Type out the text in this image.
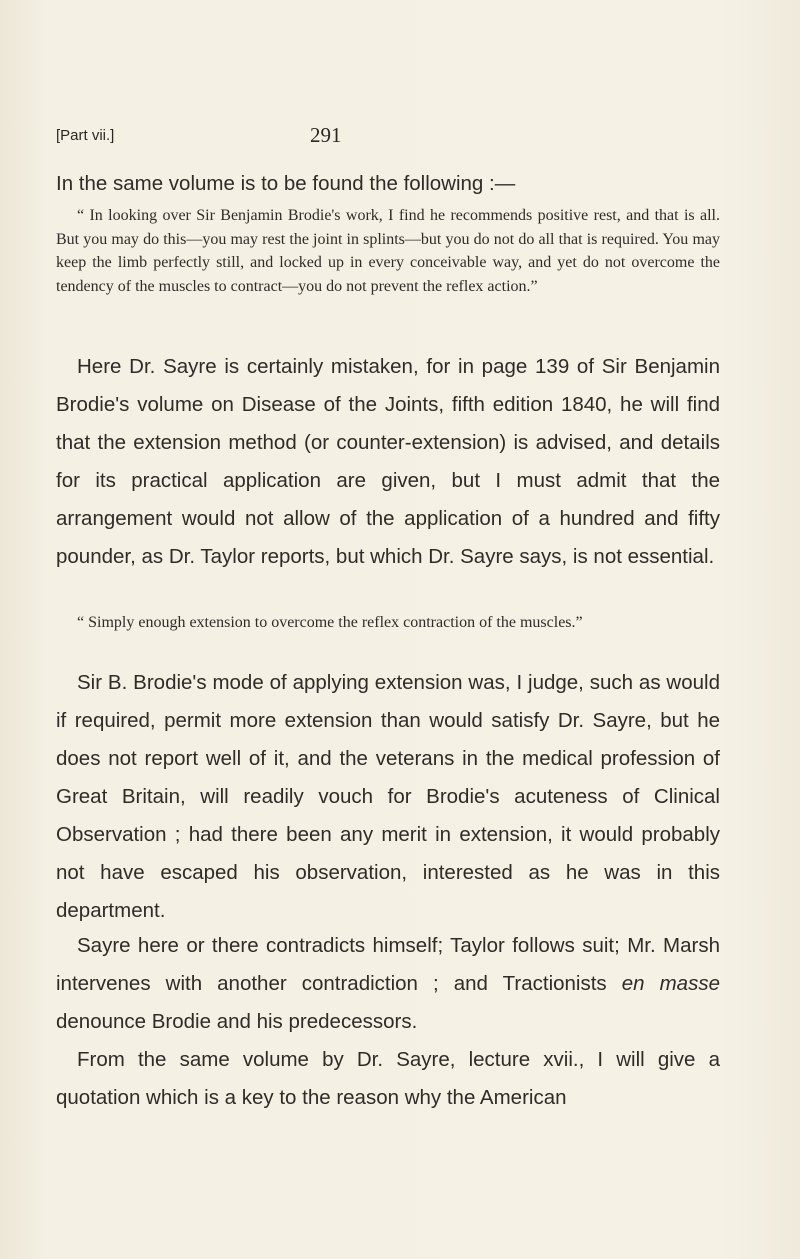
[Part vii.]	291

In the same volume is to be found the following :—

“ In looking over Sir Benjamin Brodie's work, I find he recommends positive rest, and that is all. But you may do this—you may rest the joint in splints—but you do not do all that is required. You may keep the limb perfectly still, and locked up in every conceivable way, and yet do not overcome the tendency of the muscles to contract—you do not prevent the reflex action.”

Here Dr. Sayre is certainly mistaken, for in page 139 of Sir Benjamin Brodie's volume on Disease of the Joints, fifth edition 1840, he will find that the extension method (or counter-extension) is advised, and details for its practical application are given, but I must admit that the arrangement would not allow of the application of a hundred and fifty pounder, as Dr. Taylor reports, but which Dr. Sayre says, is not essential.

“ Simply enough extension to overcome the reflex contraction of the muscles.”

Sir B. Brodie's mode of applying extension was, I judge, such as would if required, permit more extension than would satisfy Dr. Sayre, but he does not report well of it, and the veterans in the medical profession of Great Britain, will readily vouch for Brodie's acuteness of Clinical Observation ; had there been any merit in extension, it would probably not have escaped his observation, interested as he was in this department.

Sayre here or there contradicts himself; Taylor follows suit; Mr. Marsh intervenes with another contradiction ; and Tractionists en masse denounce Brodie and his predecessors.

From the same volume by Dr. Sayre, lecture xvii., I will give a quotation which is a key to the reason why the American
